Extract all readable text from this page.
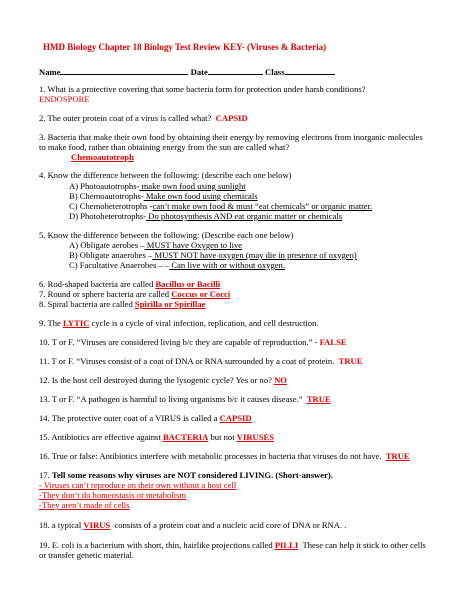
HMD Biology Chapter 18 Biology Test Review KEY- (Viruses & Bacteria)
Name	Date	Class
1. What is a protective covering that some bacteria form for protection under harsh conditions?
ENDOSPORE
2. The outer protein coat of a virus is called what? CAPSID
3. Bacteria that make their own food by obtaining their energy by removing electrons from inorganic molecules
to make food, rather than obtaining energy from the sun are called what?
Chemoautotroph
4. Know the difference between the following: (describe each one below)
A) Photoautotrophs- make own food using sunlight
B) Chemoautotrophs- Make own food using chemicals
C) Chemoheterotrophs -can’t make own food & must “eat chemicals” or organic matter.
D) Photoheterotrophs- Do photosynthesis AND eat organic matter or chemicals
5. Know the difference between the following: (Describe each one below)
A) Obligate aerobes – MUST have Oxygen to live
B) Obligate anaerobes – MUST NOT have oxygen (may die in presence of oxygen)
C) Facultative Anaerobes – – Can live with or without oxygen.
6. Rod-shaped bacteria are called Bacillus or Bacilli
7. Round or sphere bacteria are called Coccus or Cocci
8. Spiral bacteria are called Spirilla or Spirillae
9. The LYTIC cycle is a cycle of viral infection, replication, and cell destruction.
10. T or F. “Viruses are considered living b/c they are capable of reproduction.” - FALSE
11. T or F. “Viruses consist of a coat of DNA or RNA surrounded by a coat of protein. TRUE
12. Is the host cell destroyed during the lysogenic cycle? Yes or no? NO
13. T or F. “A pathogen is harmful to living organisms b/c it causes disease.” TRUE
14. The protective outer coat of a VIRUS is called a CAPSID
15. Antibiotics are effective against BACTERIA but not VIRUSES
16. True or false: Antibiotics interfere with metabolic processes in bacteria that viruses do not have. TRUE
17. Tell some reasons why viruses are NOT considered LIVING. (Short-answer).
- Viruses can’t reproduce on their own without a host cell
-They don’t do homeostasis or metabolism
-They aren’t made of cells
18. a typical VIRUS consists of a protein coat and a nucleic acid core of DNA or RNA. .
19. E. coli is a bacterium with short, thin, hairlike projections called PILLI These can help it stick to other cells
or transfer genetic material.
